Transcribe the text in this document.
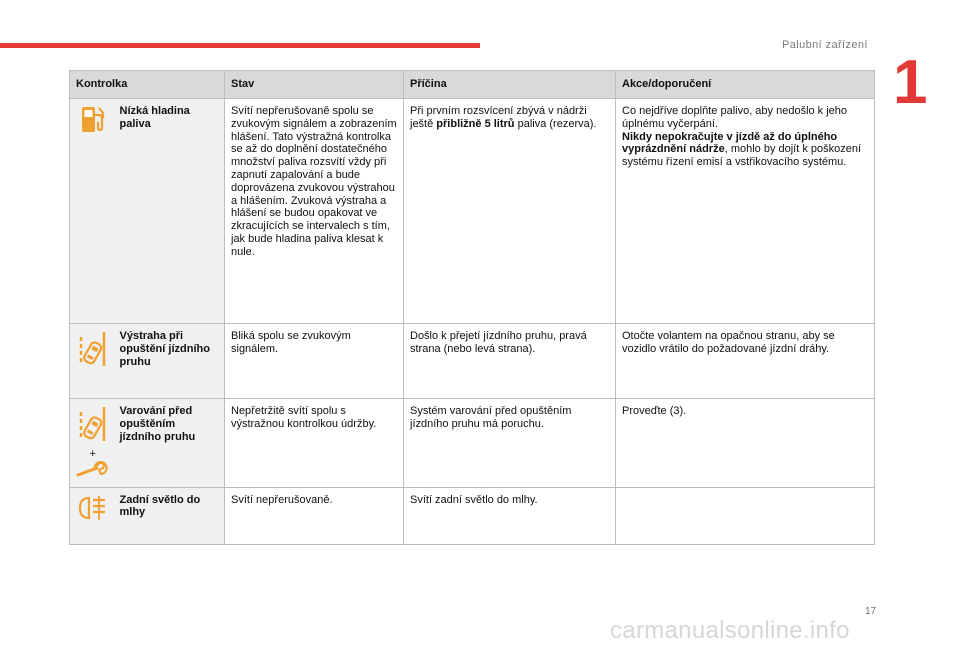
Palubní zařízení
1
Kontrolka		Stav	Příčina	Akce/doporučení
	Nízká hladina paliva	Svítí nepřerušovaně spolu se zvukovým signálem a zobrazením hlášení. Tato výstražná kontrolka se až do doplnění dostatečného množství paliva rozsvítí vždy při zapnutí zapalování a bude doprovázena zvukovou výstrahou a hlášením. Zvuková výstraha a hlášení se budou opakovat ve zkracujících se intervalech s tím, jak bude hladina paliva klesat k nule.	Při prvním rozsvícení zbývá v nádrži ještě přibližně 5 litrů paliva (rezerva).	Co nejdříve doplňte palivo, aby nedošlo k jeho úplnému vyčerpání.
Nikdy nepokračujte v jízdě až do úplného vyprázdnění nádrže, mohlo by dojít k poškození systému řízení emisí a vstřikovacího systému.
	Výstraha při opuštění jízdního pruhu	Bliká spolu se zvukovým signálem.	Došlo k přejetí jízdního pruhu, pravá strana (nebo levá strana).	Otočte volantem na opačnou stranu, aby se vozidlo vrátilo do požadované jízdní dráhy.

+	Varování před opuštěním jízdního pruhu	Nepřetržitě svítí spolu s výstražnou kontrolkou údržby.	Systém varování před opuštěním jízdního pruhu má poruchu.	Proveďte (3).
	Zadní světlo do mlhy	Svítí nepřerušovaně.	Svítí zadní světlo do mlhy.	
17
carmanualsonline.info
